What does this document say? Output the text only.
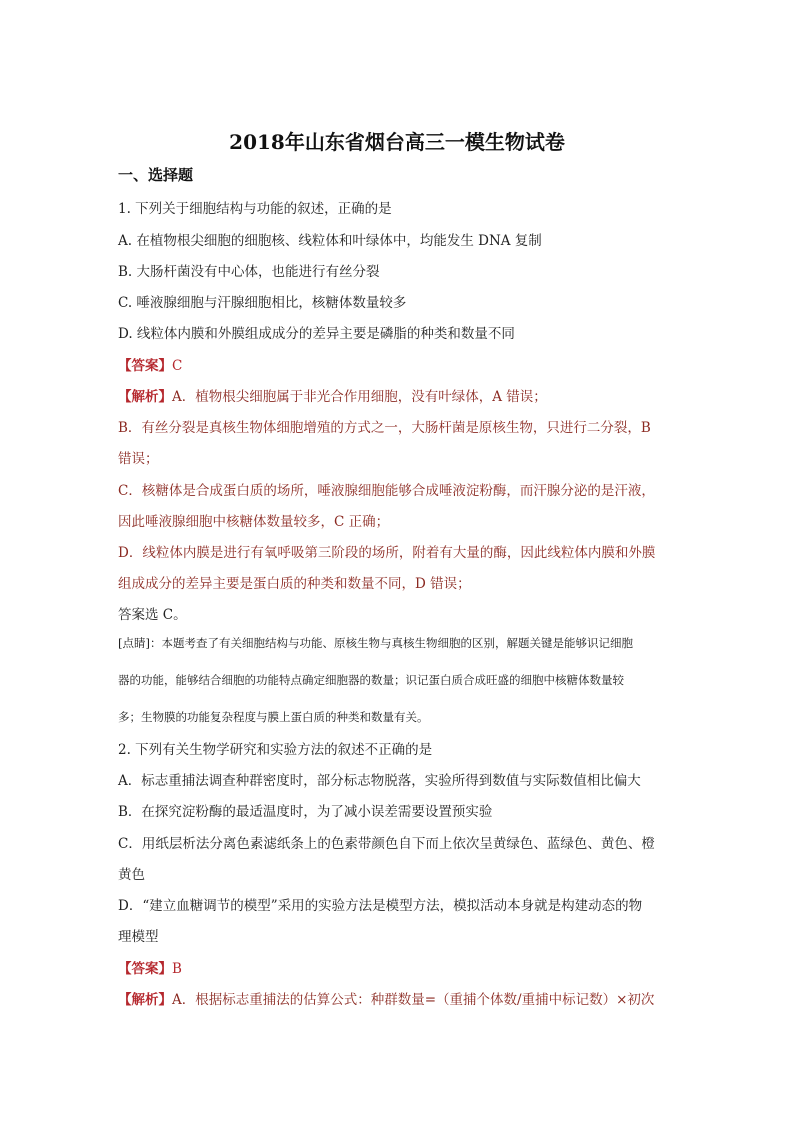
2018年山东省烟台高三一模生物试卷
一、选择题
1. 下列关于细胞结构与功能的叙述，正确的是
A. 在植物根尖细胞的细胞核、线粒体和叶绿体中，均能发生 DNA 复制
B. 大肠杆菌没有中心体，也能进行有丝分裂
C. 唾液腺细胞与汗腺细胞相比，核糖体数量较多
D. 线粒体内膜和外膜组成成分的差异主要是磷脂的种类和数量不同
【答案】C
【解析】A．植物根尖细胞属于非光合作用细胞，没有叶绿体，A 错误；
B．有丝分裂是真核生物体细胞增殖的方式之一，大肠杆菌是原核生物，只进行二分裂，B
错误；
C．核糖体是合成蛋白质的场所，唾液腺细胞能够合成唾液淀粉酶，而汗腺分泌的是汗液，
因此唾液腺细胞中核糖体数量较多，C 正确；
D．线粒体内膜是进行有氧呼吸第三阶段的场所，附着有大量的酶，因此线粒体内膜和外膜
组成成分的差异主要是蛋白质的种类和数量不同，D 错误；
答案选 C。
[点睛]：本题考查了有关细胞结构与功能、原核生物与真核生物细胞的区别，解题关键是能够识记细胞
器的功能，能够结合细胞的功能特点确定细胞器的数量；识记蛋白质合成旺盛的细胞中核糖体数量较
多；生物膜的功能复杂程度与膜上蛋白质的种类和数量有关。
2. 下列有关生物学研究和实验方法的叙述不正确的是
A．标志重捕法调查种群密度时，部分标志物脱落，实验所得到数值与实际数值相比偏大
B．在探究淀粉酶的最适温度时，为了减小误差需要设置预实验
C．用纸层析法分离色素滤纸条上的色素带颜色自下而上依次呈黄绿色、蓝绿色、黄色、橙
黄色
D．“建立血糖调节的模型”采用的实验方法是模型方法，模拟活动本身就是构建动态的物
理模型
【答案】B
【解析】A．根据标志重捕法的估算公式：种群数量=（重捕个体数/重捕中标记数）×初次
